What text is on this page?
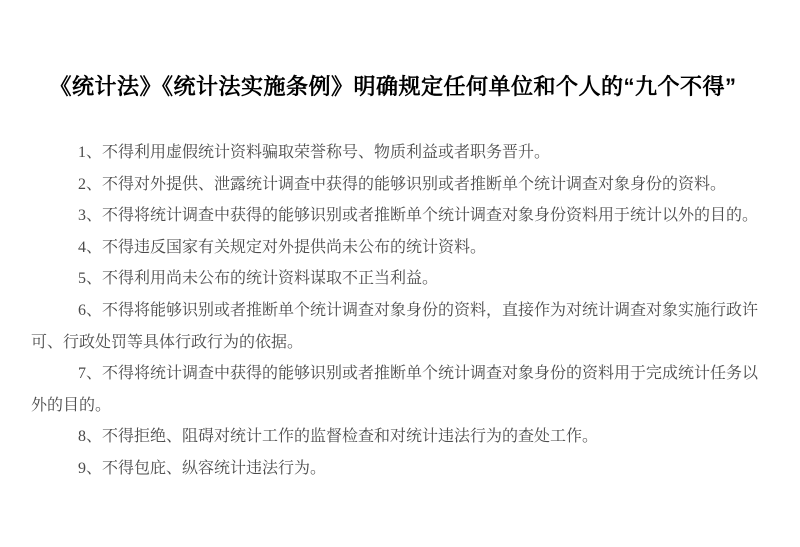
《统计法》《统计法实施条例》明确规定任何单位和个人的“九个不得”
1、不得利用虚假统计资料骗取荣誉称号、物质利益或者职务晋升。
2、不得对外提供、泄露统计调查中获得的能够识别或者推断单个统计调查对象身份的资料。
3、不得将统计调查中获得的能够识别或者推断单个统计调查对象身份资料用于统计以外的目的。
4、不得违反国家有关规定对外提供尚未公布的统计资料。
5、不得利用尚未公布的统计资料谋取不正当利益。
6、不得将能够识别或者推断单个统计调查对象身份的资料，直接作为对统计调查对象实施行政许
可、行政处罚等具体行政行为的依据。
7、不得将统计调查中获得的能够识别或者推断单个统计调查对象身份的资料用于完成统计任务以
外的目的。
8、不得拒绝、阻碍对统计工作的监督检查和对统计违法行为的查处工作。
9、不得包庇、纵容统计违法行为。
